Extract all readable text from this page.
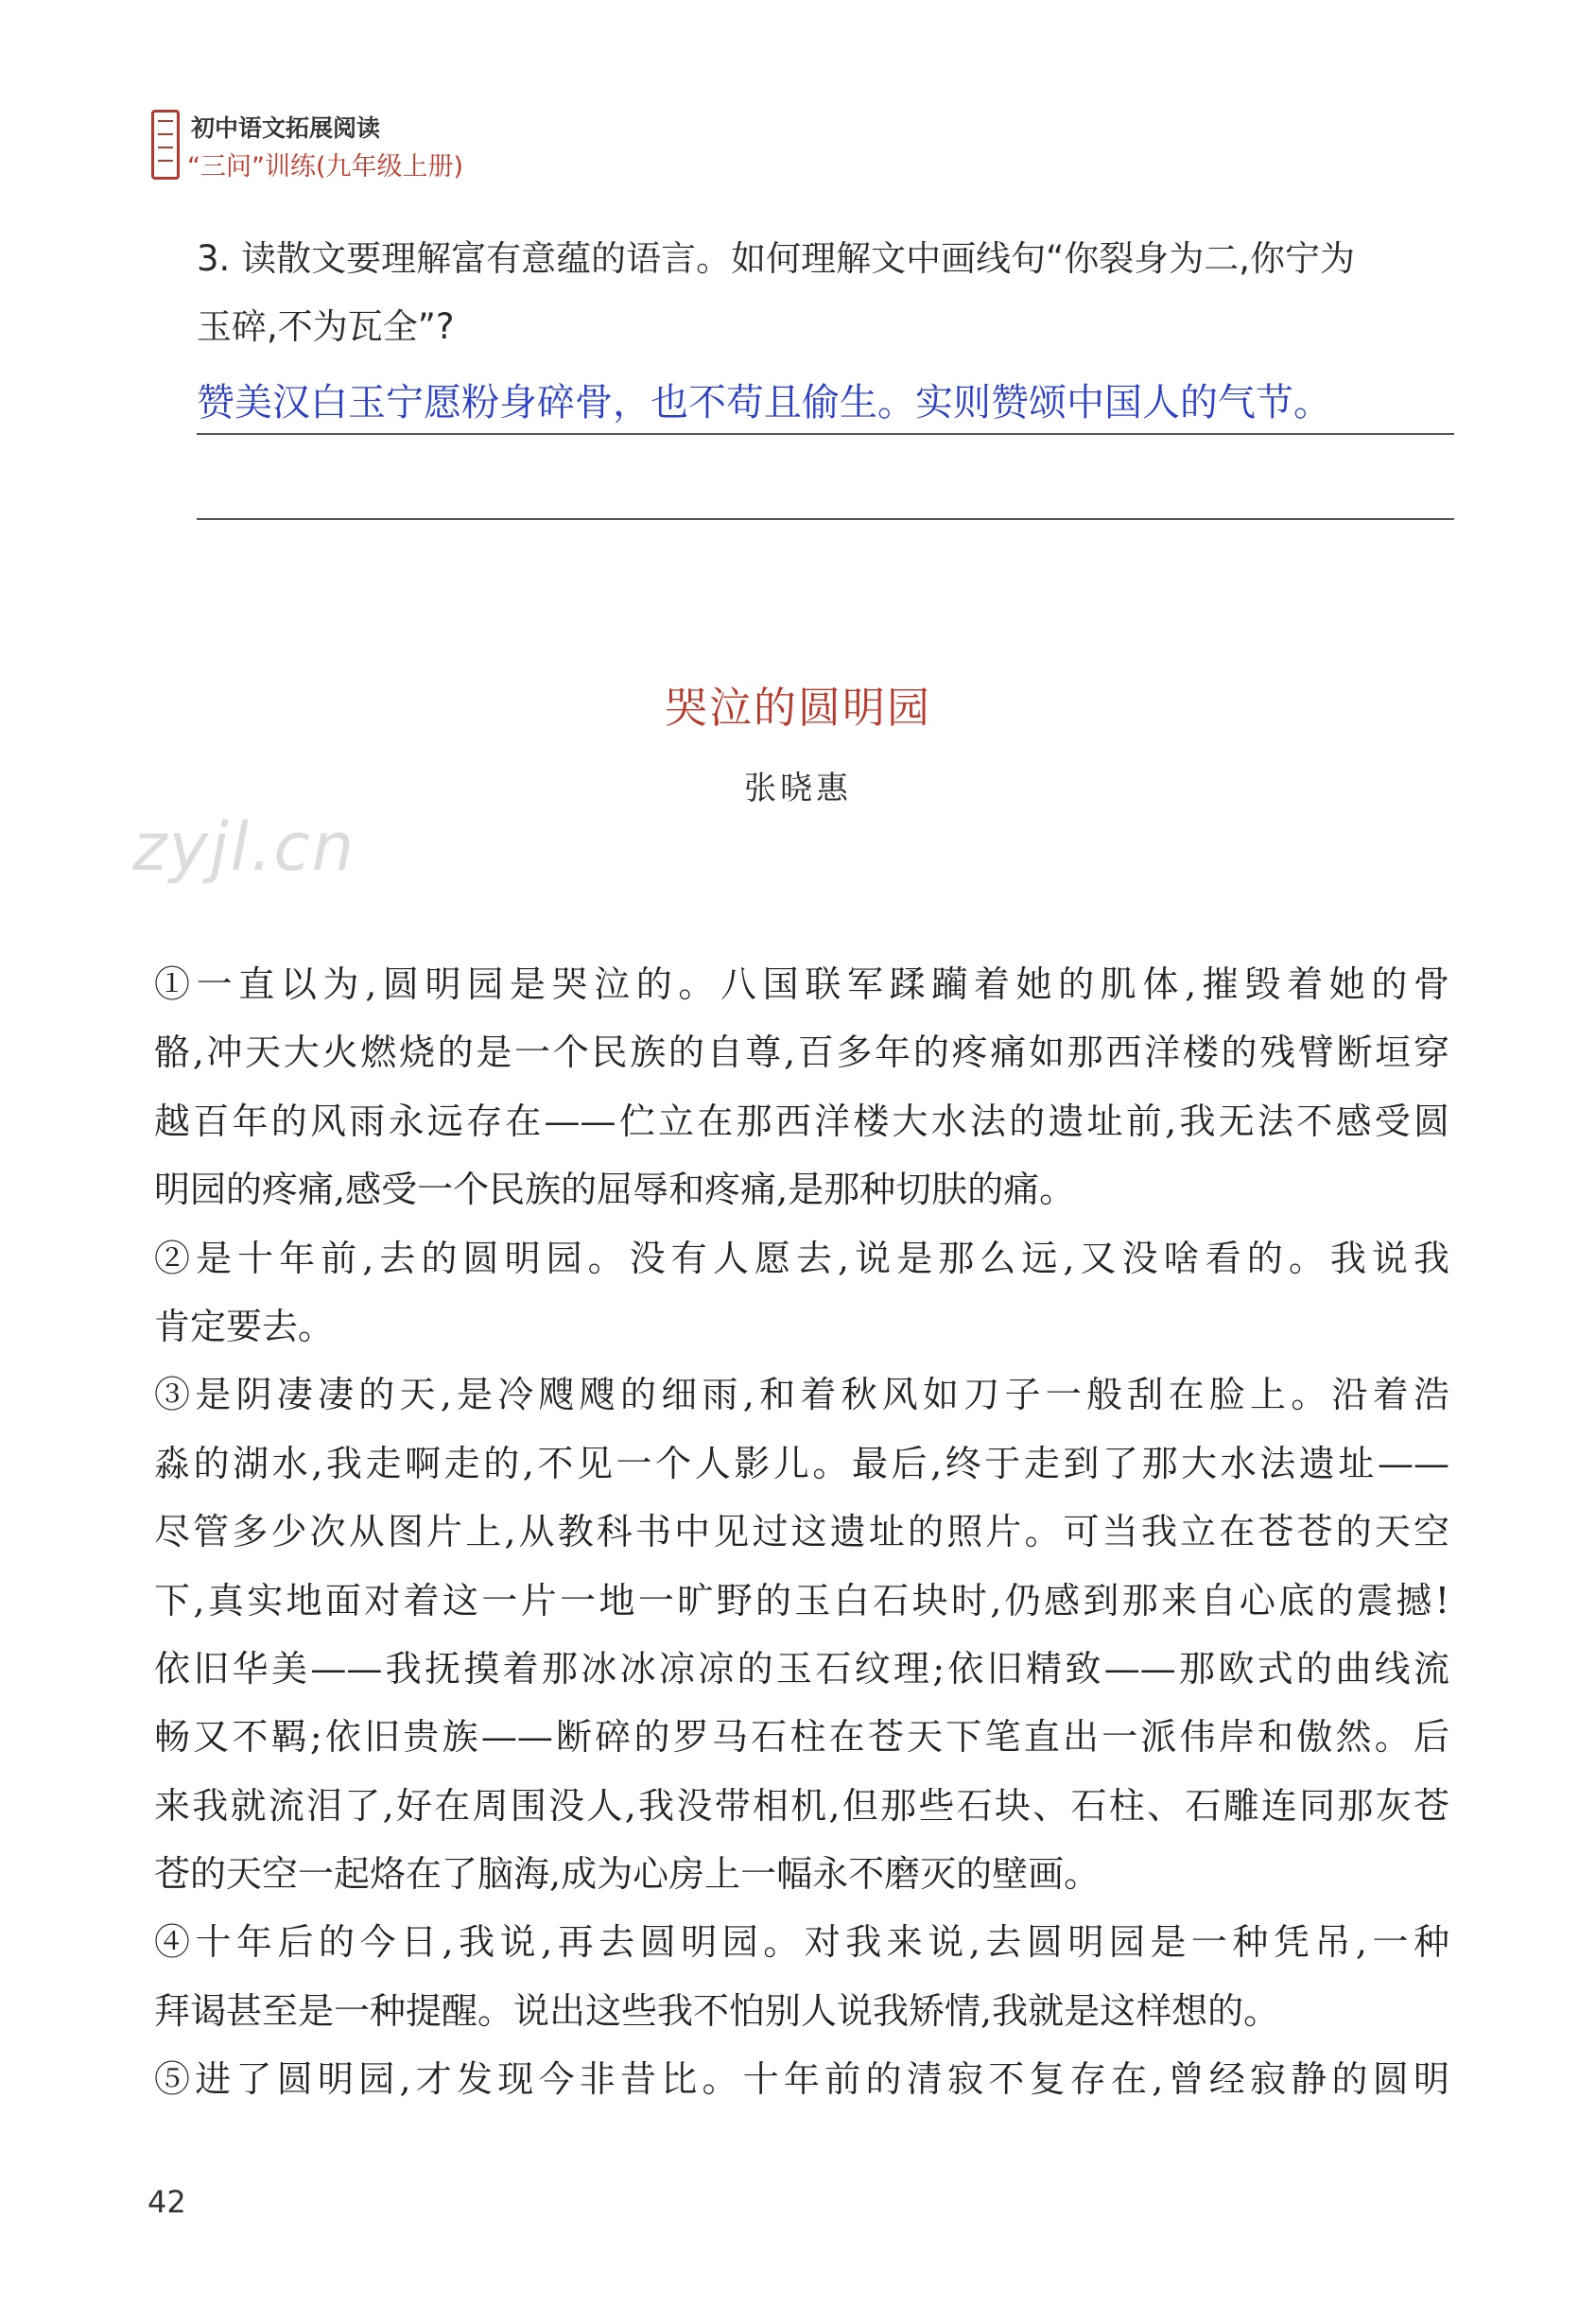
初中语文拓展阅读
“三问”训练(九年级上册)
3. 读散文要理解富有意蕴的语言。如何理解文中画线句“你裂身为二,你宁为
玉碎,不为瓦全”?
赞美汉白玉宁愿粉身碎骨，也不苟且偷生。实则赞颂中国人的气节。
哭泣的圆明园
张晓惠
zyjl.cn
①一直以为,圆明园是哭泣的。八国联军蹂躏着她的肌体,摧毁着她的骨
骼,冲天大火燃烧的是一个民族的自尊,百多年的疼痛如那西洋楼的残臂断垣穿
越百年的风雨永远存在——伫立在那西洋楼大水法的遗址前,我无法不感受圆
明园的疼痛,感受一个民族的屈辱和疼痛,是那种切肤的痛。
②是十年前,去的圆明园。没有人愿去,说是那么远,又没啥看的。我说我
肯定要去。
③是阴凄凄的天,是冷飕飕的细雨,和着秋风如刀子一般刮在脸上。沿着浩
淼的湖水,我走啊走的,不见一个人影儿。最后,终于走到了那大水法遗址——
尽管多少次从图片上,从教科书中见过这遗址的照片。可当我立在苍苍的天空
下,真实地面对着这一片一地一旷野的玉白石块时,仍感到那来自心底的震撼!
依旧华美——我抚摸着那冰冰凉凉的玉石纹理;依旧精致——那欧式的曲线流
畅又不羁;依旧贵族——断碎的罗马石柱在苍天下笔直出一派伟岸和傲然。后
来我就流泪了,好在周围没人,我没带相机,但那些石块、石柱、石雕连同那灰苍
苍的天空一起烙在了脑海,成为心房上一幅永不磨灭的壁画。
④十年后的今日,我说,再去圆明园。对我来说,去圆明园是一种凭吊,一种
拜谒甚至是一种提醒。说出这些我不怕别人说我矫情,我就是这样想的。
⑤进了圆明园,才发现今非昔比。十年前的清寂不复存在,曾经寂静的圆明
42
